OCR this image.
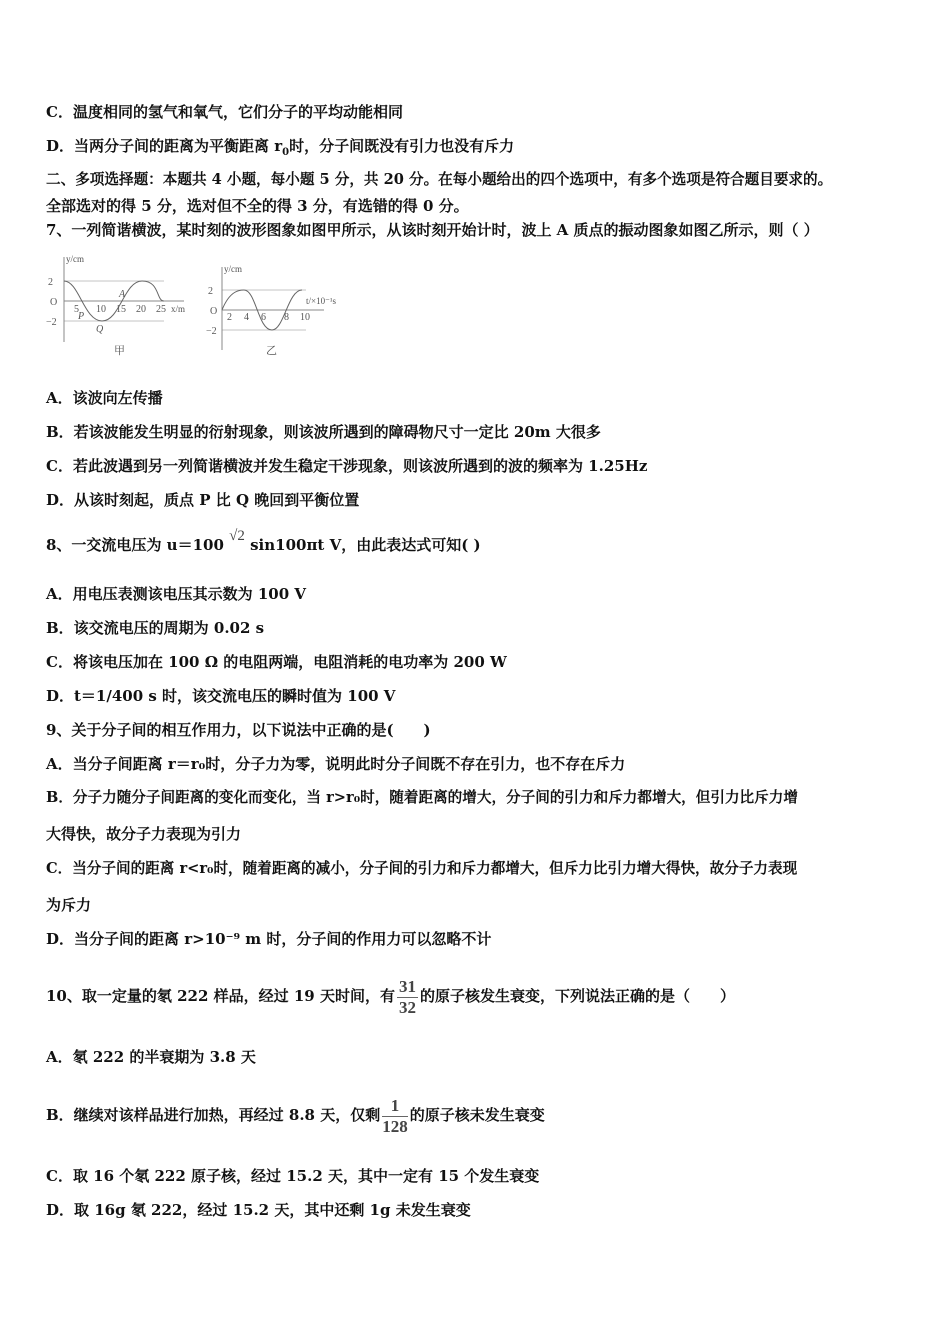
C．温度相同的氢气和氧气，它们分子的平均动能相同
D．当两分子间的距离为平衡距离 $r_0$时，分子间既没有引力也没有斥力
二、多项选择题：本题共 4 小题，每小题 5 分，共 20 分。在每小题给出的四个选项中，有多个选项是符合题目要求的。
全部选对的得 5 分，选对但不全的得 3 分，有选错的得 0 分。
7、一列简谐横波，某时刻的波形图象如图甲所示，从该时刻开始计时，波上 A 质点的振动图象如图乙所示，则（ ）
y/cm
2
O
−2
5 10 15 20 25 x/m
P
Q
A
甲
y/cm
2
O
−2
2 4 6 8 10
t/×10⁻¹s
乙
A．该波向左传播
B．若该波能发生明显的衍射现象，则该波所遇到的障碍物尺寸一定比 20m 大很多
C．若此波遇到另一列简谐横波并发生稳定干涉现象，则该波所遇到的波的频率为 1.25Hz
D．从该时刻起，质点 P 比 Q 晚回到平衡位置
8、一交流电压为 u＝100 √2 sin100πt V，由此表达式可知( )
A．用电压表测该电压其示数为 100 V
B．该交流电压的周期为 0.02 s
C．将该电压加在 100 Ω 的电阻两端，电阻消耗的电功率为 200 W
D．t＝1/400 s 时，该交流电压的瞬时值为 100 V
9、关于分子间的相互作用力，以下说法中正确的是(　　)
A．当分子间距离 r＝r₀时，分子力为零，说明此时分子间既不存在引力，也不存在斥力
B．分子力随分子间距离的变化而变化，当 r>r₀时，随着距离的增大，分子间的引力和斥力都增大，但引力比斥力增
大得快，故分子力表现为引力
C．当分子间的距离 r<r₀时，随着距离的减小，分子间的引力和斥力都增大，但斥力比引力增大得快，故分子力表现
为斥力
D．当分子间的距离 r>10⁻⁹ m 时，分子间的作用力可以忽略不计
10、取一定量的氡 222 样品，经过 19 天时间，有 $\frac{31}{32}$ 的原子核发生衰变，下列说法正确的是（　　）
A．氡 222 的半衰期为 3.8 天
B．继续对该样品进行加热，再经过 8.8 天，仅剩 $\frac{1}{128}$ 的原子核未发生衰变
C．取 16 个氡 222 原子核，经过 15.2 天，其中一定有 15 个发生衰变
D．取 16g 氡 222，经过 15.2 天，其中还剩 1g 未发生衰变
